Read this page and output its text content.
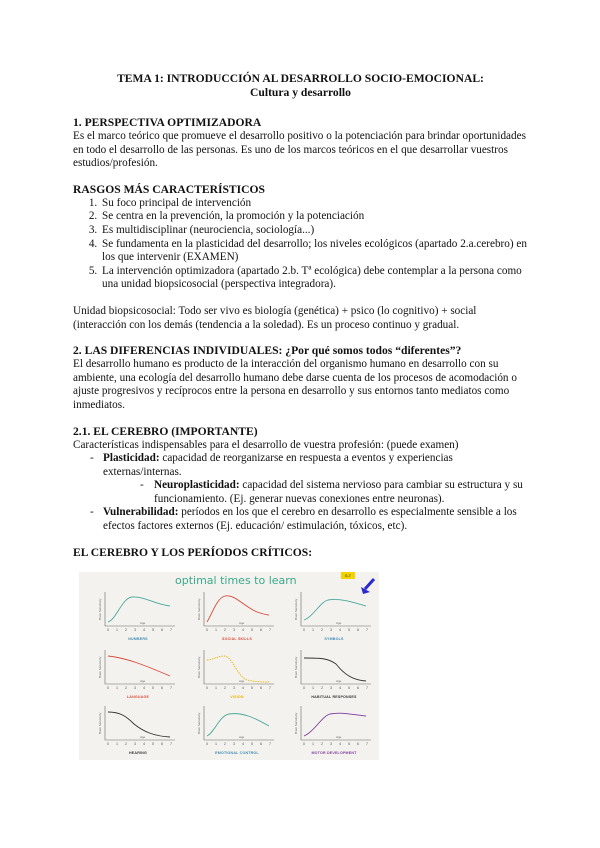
TEMA 1: INTRODUCCIÓN AL DESARROLLO SOCIO-EMOCIONAL:
Cultura y desarrollo
1. PERSPECTIVA OPTIMIZADORA

Es el marco teórico que promueve el desarrollo positivo o la potenciación para brindar oportunidades en todo el desarrollo de las personas. Es uno de los marcos teóricos en el que desarrollar vuestros estudios/profesión.

RASGOS MÁS CARACTERÍSTICOS
1. Su foco principal de intervención
2. Se centra en la prevención, la promoción y la potenciación
3. Es multidisciplinar (neurociencia, sociología...)
4. Se fundamenta en la plasticidad del desarrollo; los niveles ecológicos (apartado 2.a.cerebro) en los que intervenir (EXAMEN)
5. La intervención optimizadora (apartado 2.b. Tª ecológica) debe contemplar a la persona como una unidad biopsicosocial (perspectiva integradora).

Unidad biopsicosocial: Todo ser vivo es biología (genética) + psico (lo cognitivo) + social (interacción con los demás (tendencia a la soledad). Es un proceso continuo y gradual.

2. LAS DIFERENCIAS INDIVIDUALES: ¿Por qué somos todos “diferentes”?

El desarrollo humano es producto de la interacción del organismo humano en desarrollo con su ambiente, una ecología del desarrollo humano debe darse cuenta de los procesos de acomodación o ajuste progresivos y recíprocos entre la persona en desarrollo y sus entornos tanto mediatos como inmediatos.

2.1. EL CEREBRO (IMPORTANTE)

Características indispensables para el desarrollo de vuestra profesión: (puede examen)

- Plasticidad: capacidad de reorganizarse en respuesta a eventos y experiencias externas/internas.
- Neuroplasticidad: capacidad del sistema nervioso para cambiar su estructura y su funcionamiento. (Ej. generar nuevas conexiones entre neuronas).
- Vulnerabilidad: períodos en los que el cerebro en desarrollo es especialmente sensible a los efectos factores externos (Ej. educación/ estimulación, tóxicos, etc).
EL CEREBRO Y LOS PERÍODOS CRÍTICOS:
optimal times to learn	0-7
0 1 2 3 4 5 6 7
Brain Sensitivity
Age
NUMBERS
0 1 2 3 4 5 6 7
Brain Sensitivity
Age
SOCIAL SKILLS
0 1 2 3 4 5 6 7
Brain Sensitivity
Age
SYMBOLS
0 1 2 3 4 5 6 7
Brain Sensitivity
Age
LANGUAGE
0 1 2 3 4 5 6 7
Brain Sensitivity
Age
VISION
0 1 2 3 4 5 6 7
Brain Sensitivity
Age
HABITUAL RESPONSES
0 1 2 3 4 5 6 7
Brain Sensitivity
Age
HEARING
0 1 2 3 4 5 6 7
Brain Sensitivity
Age
EMOTIONAL CONTROL
0 1 2 3 4 5 6 7
Brain Sensitivity
Age
MOTOR DEVELOPMENT
